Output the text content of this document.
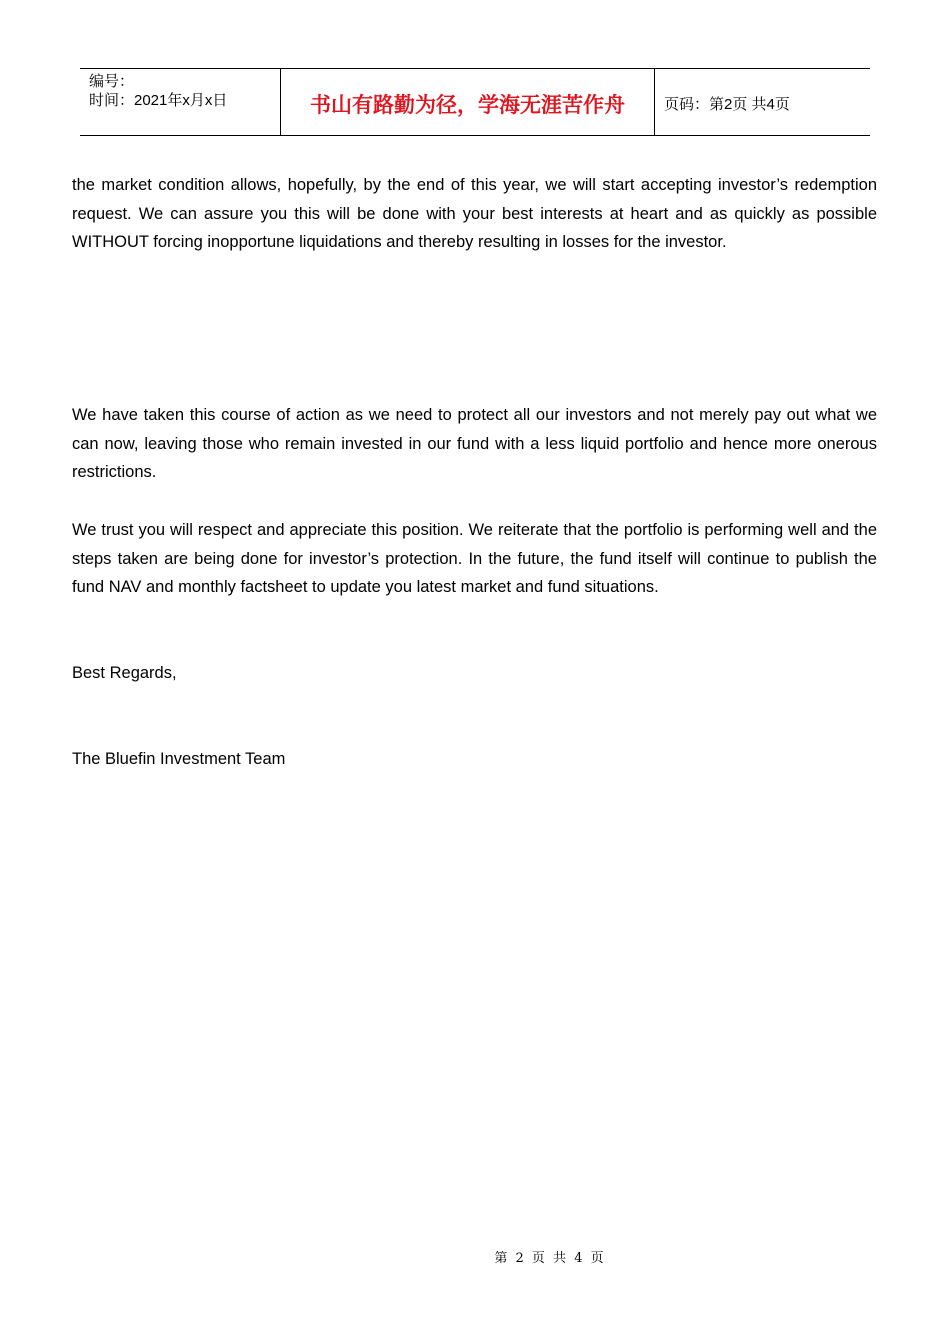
编号：
时间：2021年x月x日	书山有路勤为径，学海无涯苦作舟	页码：第2页 共4页

the market condition allows, hopefully, by the end of this year, we will start accepting investor’s redemption request. We can assure you this will be done with your best interests at heart and as quickly as possible WITHOUT forcing inopportune liquidations and thereby resulting in losses for the investor.

We have taken this course of action as we need to protect all our investors and not merely pay out what we can now, leaving those who remain invested in our fund with a less liquid portfolio and hence more onerous restrictions.

We trust you will respect and appreciate this position. We reiterate that the portfolio is performing well and the steps taken are being done for investor’s protection. In the future, the fund itself will continue to publish the fund NAV and monthly factsheet to update you latest market and fund situations.

Best Regards,

The Bluefin Investment Team

第 2 页 共 4 页
